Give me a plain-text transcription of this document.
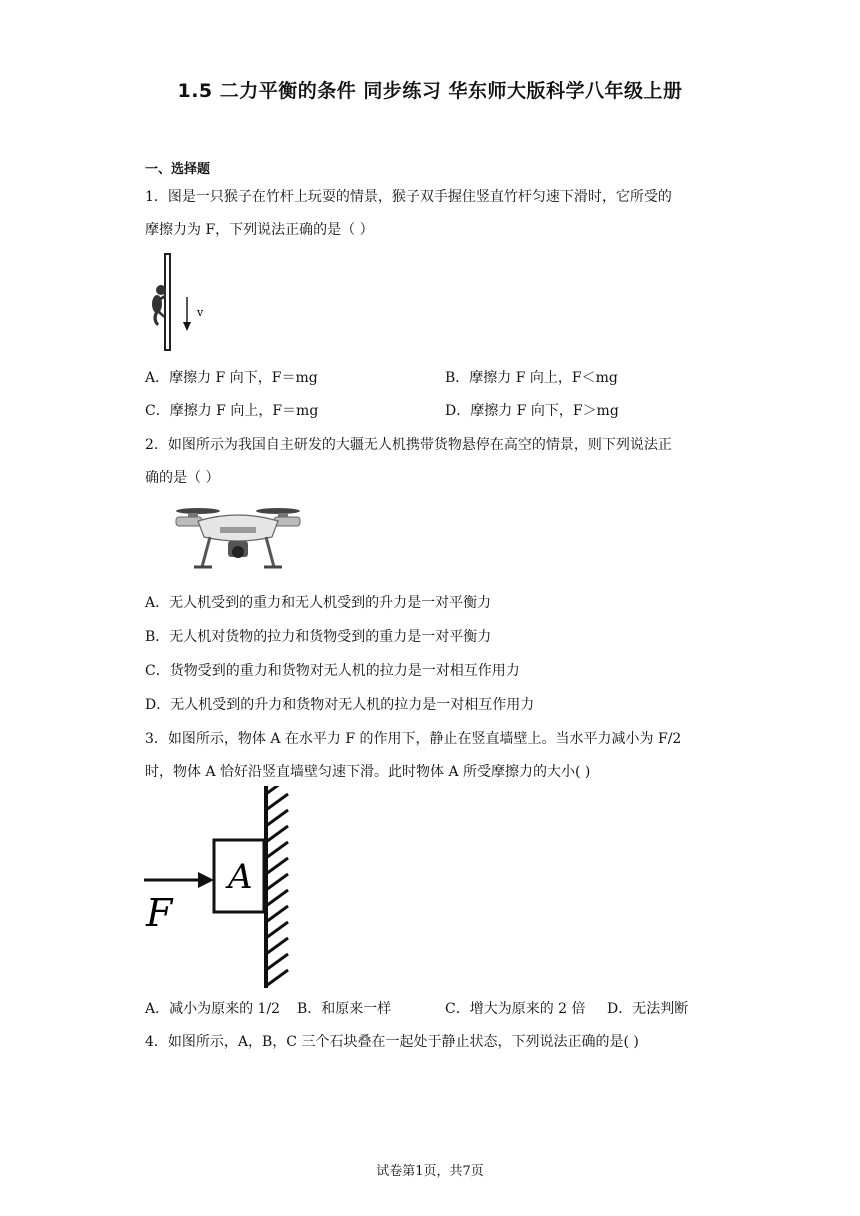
1.5 二力平衡的条件 同步练习 华东师大版科学八年级上册
一、选择题
1．图是一只猴子在竹杆上玩耍的情景，猴子双手握住竖直竹杆匀速下滑时，它所受的
摩擦力为 F，下列说法正确的是（ ）
v
A．摩擦力 F 向下，F＝mg	B．摩擦力 F 向上，F＜mg
C．摩擦力 F 向上，F＝mg	D．摩擦力 F 向下，F＞mg
2．如图所示为我国自主研发的大疆无人机携带货物悬停在高空的情景，则下列说法正
确的是（ ）
A．无人机受到的重力和无人机受到的升力是一对平衡力
B．无人机对货物的拉力和货物受到的重力是一对平衡力
C．货物受到的重力和货物对无人机的拉力是一对相互作用力
D．无人机受到的升力和货物对无人机的拉力是一对相互作用力
3．如图所示，物体 A 在水平力 F 的作用下，静止在竖直墙壁上。当水平力减小为 F/2
时，物体 A 恰好沿竖直墙壁匀速下滑。此时物体 A 所受摩擦力的大小( )
A
F
A．减小为原来的 1/2 B．和原来一样	C．增大为原来的 2 倍 D．无法判断
4．如图所示，A，B，C 三个石块叠在一起处于静止状态，下列说法正确的是( )
试卷第1页，共7页
